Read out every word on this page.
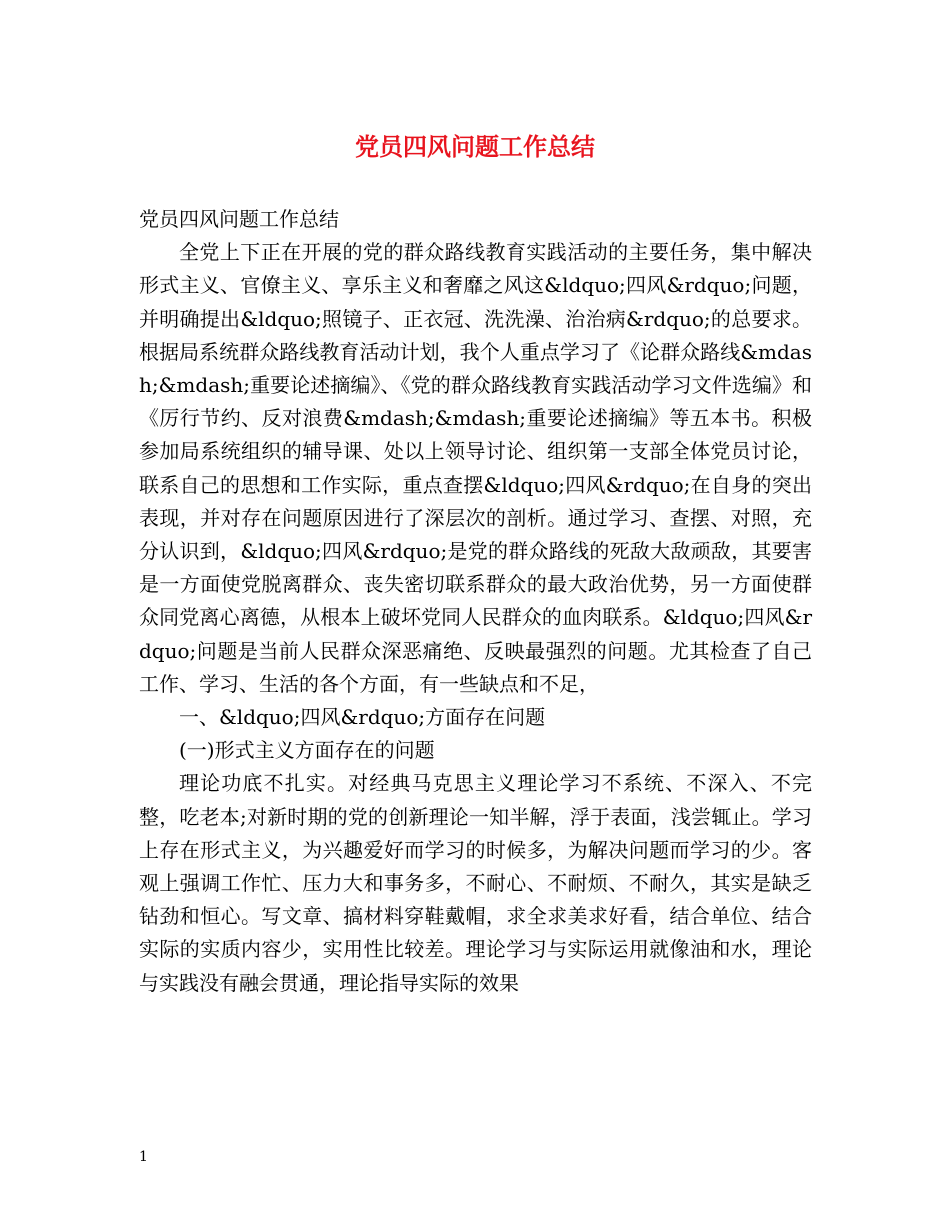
党员四风问题工作总结

党员四风问题工作总结

全党上下正在开展的党的群众路线教育实践活动的主要任务，集中解决形式主义、官僚主义、享乐主义和奢靡之风这&ldquo;四风&rdquo;问题，并明确提出&ldquo;照镜子、正衣冠、洗洗澡、治治病&rdquo;的总要求。根据局系统群众路线教育活动计划，我个人重点学习了《论群众路线&mdash;&mdash;重要论述摘编》、《党的群众路线教育实践活动学习文件选编》和《厉行节约、反对浪费&mdash;&mdash;重要论述摘编》等五本书。积极参加局系统组织的辅导课、处以上领导讨论、组织第一支部全体党员讨论，联系自己的思想和工作实际，重点查摆&ldquo;四风&rdquo;在自身的突出表现，并对存在问题原因进行了深层次的剖析。通过学习、查摆、对照，充分认识到，&ldquo;四风&rdquo;是党的群众路线的死敌大敌顽敌，其要害是一方面使党脱离群众、丧失密切联系群众的最大政治优势，另一方面使群众同党离心离德，从根本上破坏党同人民群众的血肉联系。&ldquo;四风&rdquo;问题是当前人民群众深恶痛绝、反映最强烈的问题。尤其检查了自己工作、学习、生活的各个方面，有一些缺点和不足，

一、&ldquo;四风&rdquo;方面存在问题

(一)形式主义方面存在的问题

理论功底不扎实。对经典马克思主义理论学习不系统、不深入、不完整，吃老本;对新时期的党的创新理论一知半解，浮于表面，浅尝辄止。学习上存在形式主义，为兴趣爱好而学习的时候多，为解决问题而学习的少。客观上强调工作忙、压力大和事务多，不耐心、不耐烦、不耐久，其实是缺乏钻劲和恒心。写文章、搞材料穿鞋戴帽，求全求美求好看，结合单位、结合实际的实质内容少，实用性比较差。理论学习与实际运用就像油和水，理论与实践没有融会贯通，理论指导实际的效果

1
